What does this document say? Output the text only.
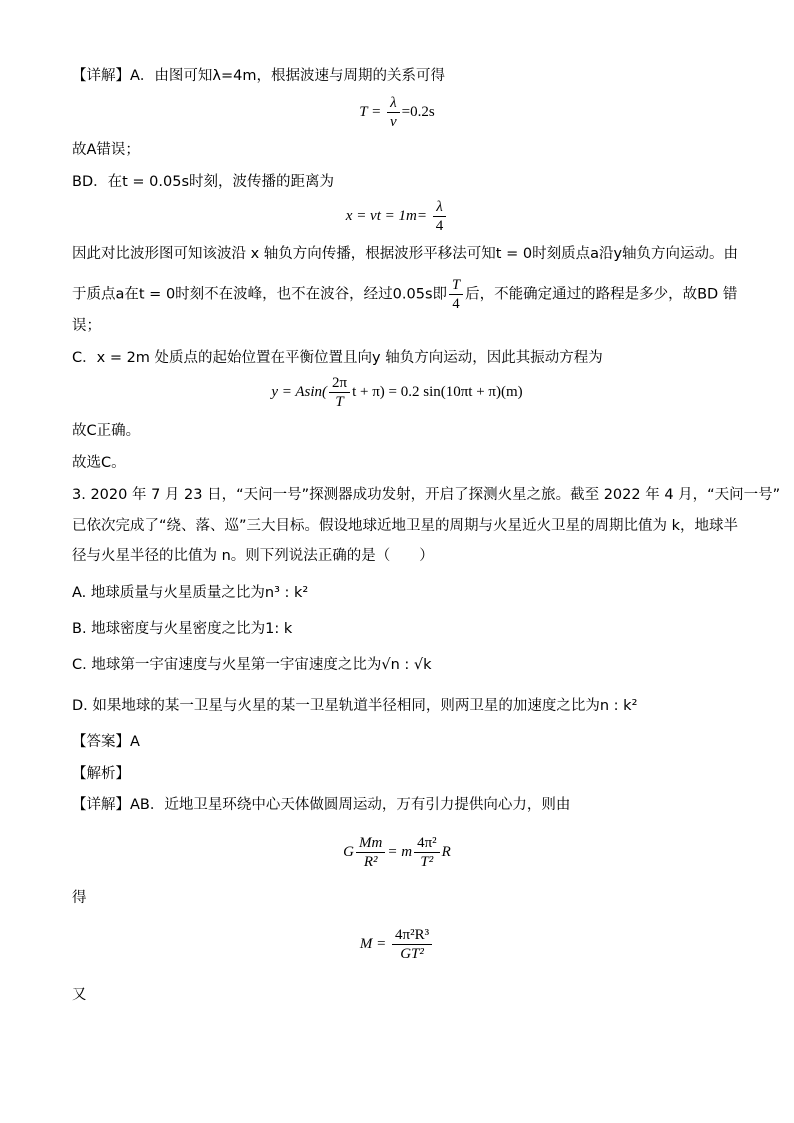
【详解】A．由图可知λ=4m，根据波速与周期的关系可得
$T = \frac{\lambda}{v} =0.2s$
故A错误；
BD．在t = 0.05s时刻，波传播的距离为
x = vt = $1m= \frac{\lambda}{4}$
因此对比波形图可知该波沿 x 轴负方向传播，根据波形平移法可知t = 0时刻质点a沿y轴负方向运动。由
于质点a在t = 0时刻不在波峰，也不在波谷，经过0.05s即 $\frac{T}{4}$ 后，不能确定通过的路程是多少，故BD 错
误；
C．x = 2m 处质点的起始位置在平衡位置且向y 轴负方向运动，因此其振动方程为
$y = Asin( \frac{2\pi}{T}$ t + π) = 0.2 sin(10πt + π)(m)
故C正确。
故选C。
3. 2020 年 7 月 23 日，“天问一号”探测器成功发射，开启了探测火星之旅。截至 2022 年 4 月，“天问一号”
已依次完成了“绕、落、巡”三大目标。假设地球近地卫星的周期与火星近火卫星的周期比值为 k，地球半
径与火星半径的比值为 n。则下列说法正确的是（　　）
A. 地球质量与火星质量之比为n³ : k²
B. 地球密度与火星密度之比为1: k
C. 地球第一宇宙速度与火星第一宇宙速度之比为√n : √k
D. 如果地球的某一卫星与火星的某一卫星轨道半径相同，则两卫星的加速度之比为n : k²
【答案】A
【解析】
【详解】AB．近地卫星环绕中心天体做圆周运动，万有引力提供向心力，则由
G $\frac{Mm}{\text{R²}} = m \frac{\text{4π²}}{\text{T²}}$ R
得
$M = \frac{\text{4π²R³}}{\text{GT²}}$
又
